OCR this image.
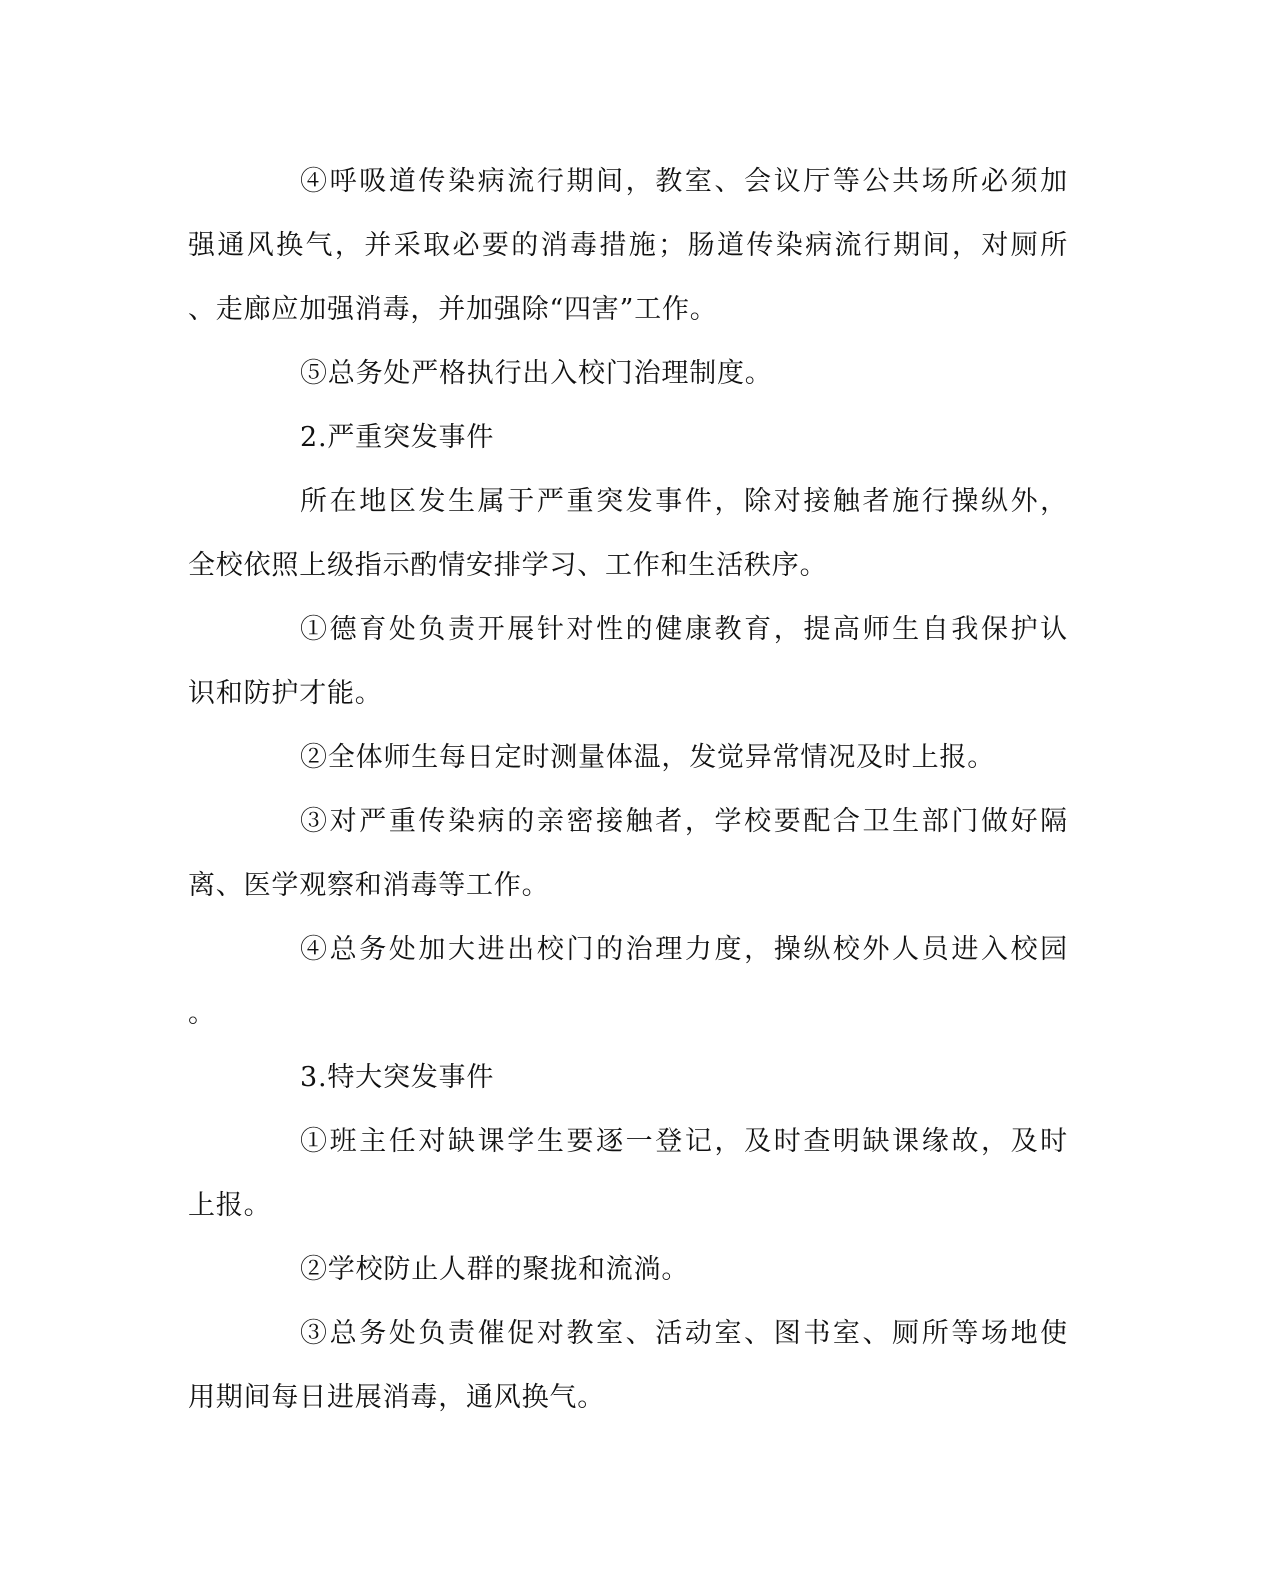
④呼吸道传染病流行期间，教室、会议厅等公共场所必须加
强通风换气，并采取必要的消毒措施；肠道传染病流行期间，对厕所
、走廊应加强消毒，并加强除“四害”工作。
⑤总务处严格执行出入校门治理制度。
2.严重突发事件
所在地区发生属于严重突发事件，除对接触者施行操纵外，
全校依照上级指示酌情安排学习、工作和生活秩序。
①德育处负责开展针对性的健康教育，提高师生自我保护认
识和防护才能。
②全体师生每日定时测量体温，发觉异常情况及时上报。
③对严重传染病的亲密接触者，学校要配合卫生部门做好隔
离、医学观察和消毒等工作。
④总务处加大进出校门的治理力度，操纵校外人员进入校园
。
3.特大突发事件
①班主任对缺课学生要逐一登记，及时查明缺课缘故，及时
上报。
②学校防止人群的聚拢和流淌。
③总务处负责催促对教室、活动室、图书室、厕所等场地使
用期间每日进展消毒，通风换气。
